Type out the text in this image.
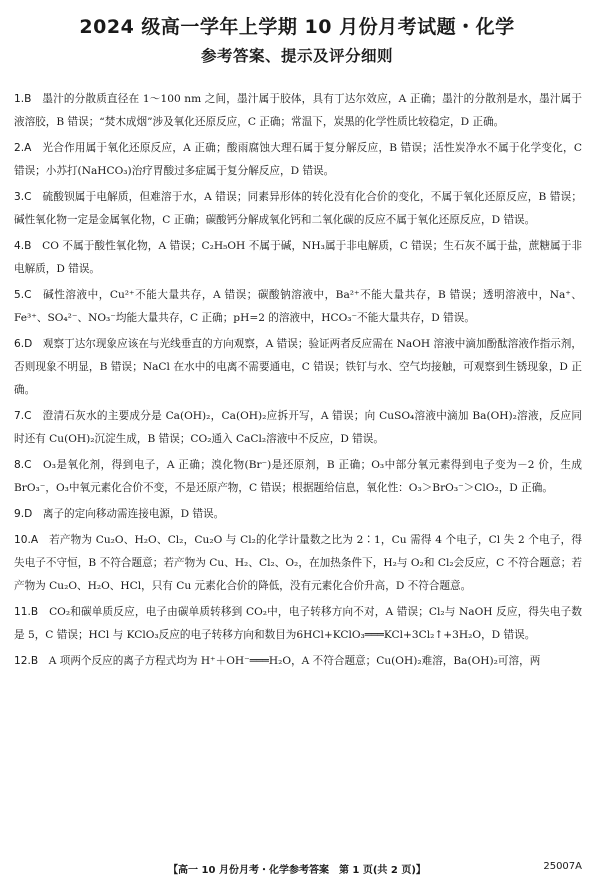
2024 级高一学年上学期 10 月份月考试题・化学
参考答案、提示及评分细则
1.B　 墨汁的分散质直径在 1～100 nm 之间，墨汁属于胶体，具有丁达尔效应，A 正确；墨汁的分散剂是水，墨汁属于液溶胶，B 错误；“焚木成烟”涉及氧化还原反应，C 正确；常温下，炭黑的化学性质比较稳定，D 正确。
2.A　 光合作用属于氧化还原反应，A 正确；酸雨腐蚀大理石属于复分解反应，B 错误；活性炭净水不属于化学变化，C 错误；小苏打(NaHCO₃)治疗胃酸过多症属于复分解反应，D 错误。
3.C　 硫酸钡属于电解质，但难溶于水，A 错误；同素异形体的转化没有化合价的变化，不属于氧化还原反应，B 错误；碱性氧化物一定是金属氧化物，C 正确；碳酸钙分解成氧化钙和二氧化碳的反应不属于氧化还原反应，D 错误。
4.B　 CO 不属于酸性氧化物，A 错误；C₂H₅OH 不属于碱，NH₃属于非电解质，C 错误；生石灰不属于盐，蔗糖属于非电解质，D 错误。
5.C　 碱性溶液中，Cu²⁺不能大量共存，A 错误；碳酸钠溶液中，Ba²⁺不能大量共存，B 错误；透明溶液中，Na⁺、Fe³⁺、SO₄²⁻、NO₃⁻均能大量共存，C 正确；pH=2 的溶液中，HCO₃⁻不能大量共存，D 错误。
6.D　 观察丁达尔现象应该在与光线垂直的方向观察，A 错误；验证两者反应需在 NaOH 溶液中滴加酚酞溶液作指示剂，否则现象不明显，B 错误；NaCl 在水中的电离不需要通电，C 错误；铁钉与水、空气均接触，可观察到生锈现象，D 正确。
7.C　 澄清石灰水的主要成分是 Ca(OH)₂，Ca(OH)₂应拆开写，A 错误；向 CuSO₄溶液中滴加 Ba(OH)₂溶液，反应同时还有 Cu(OH)₂沉淀生成，B 错误；CO₂通入 CaCl₂溶液中不反应，D 错误。
8.C　 O₃是氧化剂，得到电子，A 正确；溴化物(Br⁻)是还原剂，B 正确；O₃中部分氧元素得到电子变为－2 价，生成 BrO₃⁻，O₃中氧元素化合价不变，不是还原产物，C 错误；根据题给信息，氧化性：O₃＞BrO₃⁻＞ClO₂，D 正确。
9.D　 离子的定向移动需连接电源，D 错误。
10.A　 若产物为 Cu₂O、H₂O、Cl₂，Cu₂O 与 Cl₂的化学计量数之比为 2∶1，Cu 需得 4 个电子，Cl 失 2 个电子，得失电子不守恒，B 不符合题意；若产物为 Cu、H₂、Cl₂、O₂，在加热条件下，H₂与 O₂和 Cl₂会反应，C 不符合题意；若产物为 Cu₂O、H₂O、HCl，只有 Cu 元素化合价的降低，没有元素化合价升高，D 不符合题意。
11.B　 CO₂和碳单质反应，电子由碳单质转移到 CO₂中，电子转移方向不对，A 错误；Cl₂与 NaOH 反应，得失电子数是 5，C 错误；HCl 与 KClO₃反应的电子转移方向和数目为6HCl+KClO₃═══KCl+3Cl₂↑+3H₂O，D 错误。
12.B　 A 项两个反应的离子方程式均为 H⁺＋OH⁻═══H₂O，A 不符合题意；Cu(OH)₂难溶，Ba(OH)₂可溶，两
【高一 10 月份月考・化学参考答案　第 1 页(共 2 页)】	25007A
